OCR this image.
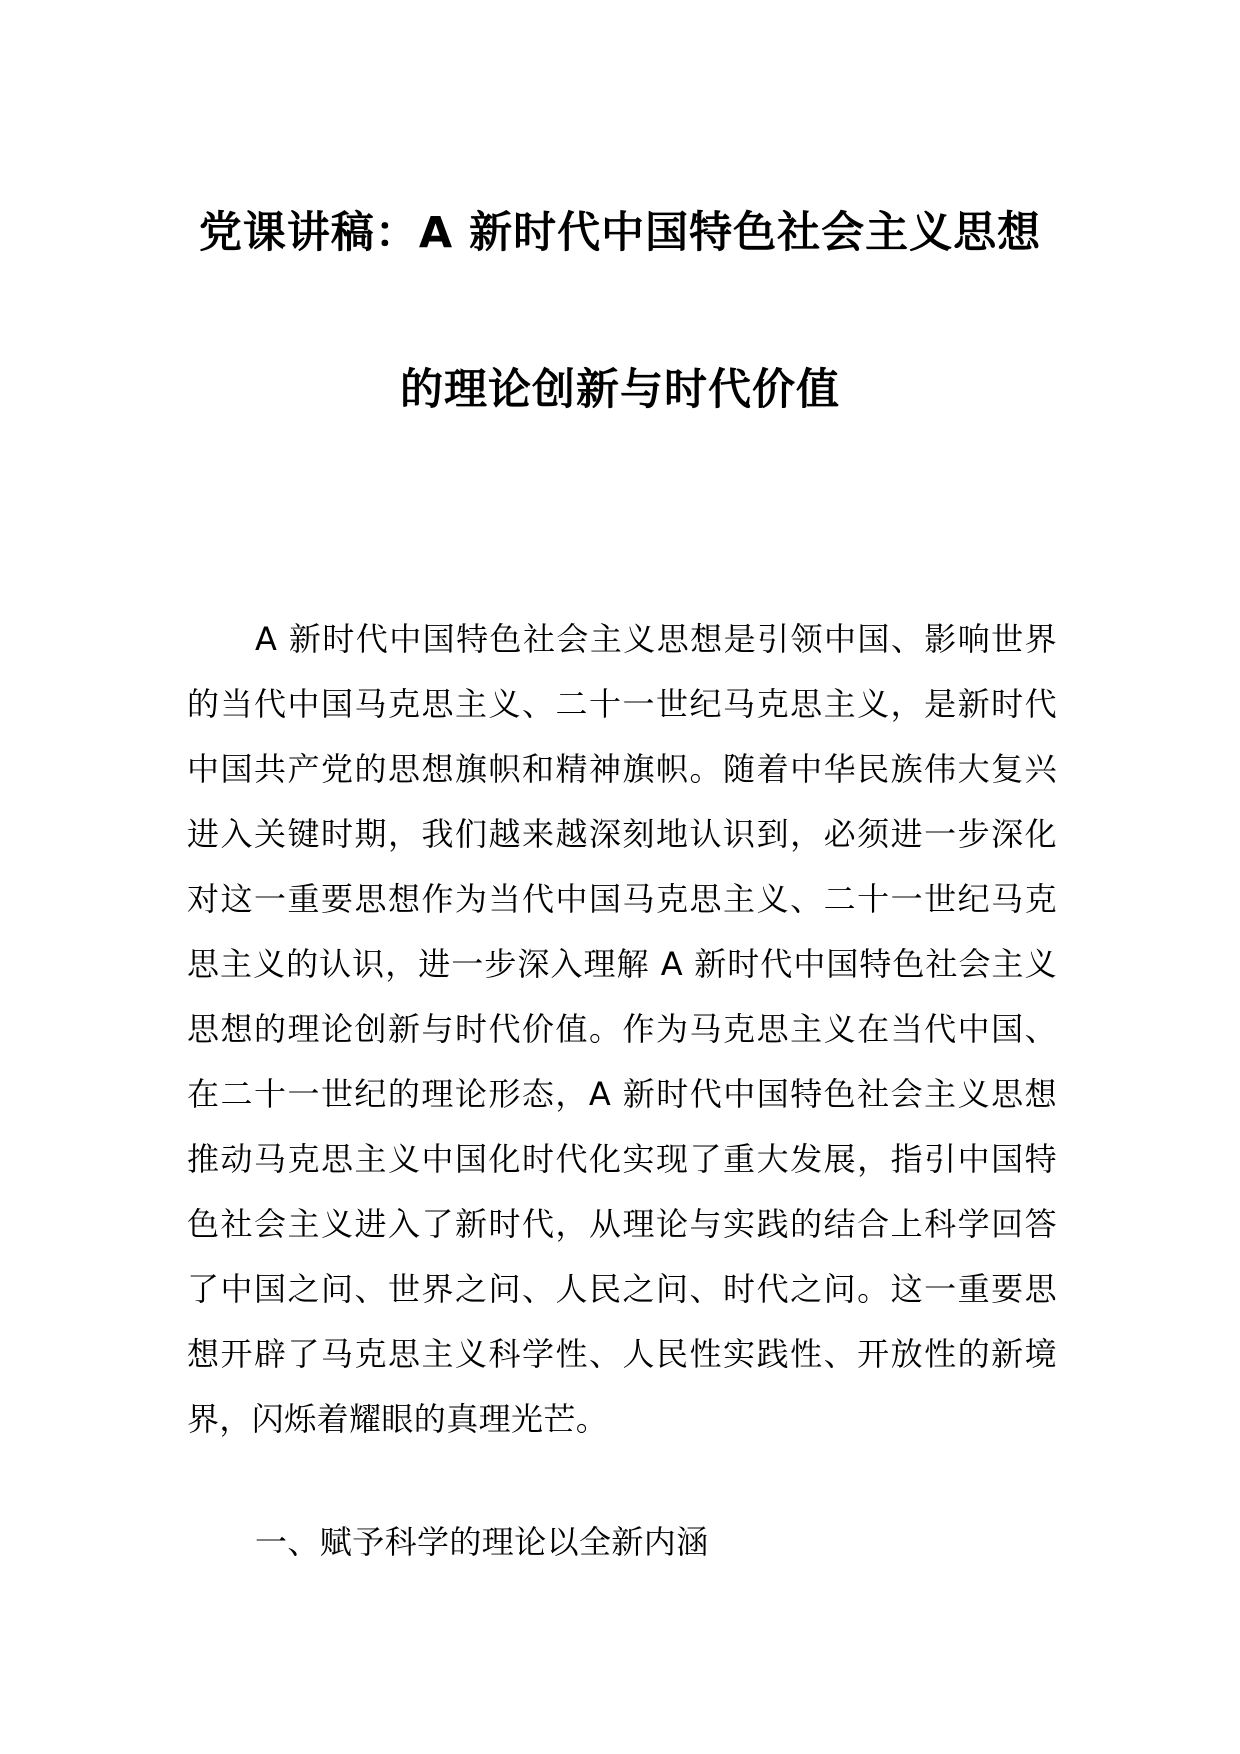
党课讲稿：A 新时代中国特色社会主义思想
的理论创新与时代价值

A 新时代中国特色社会主义思想是引领中国、影响世界的当代中国马克思主义、二十一世纪马克思主义，是新时代中国共产党的思想旗帜和精神旗帜。随着中华民族伟大复兴进入关键时期，我们越来越深刻地认识到，必须进一步深化对这一重要思想作为当代中国马克思主义、二十一世纪马克思主义的认识，进一步深入理解 A 新时代中国特色社会主义思想的理论创新与时代价值。作为马克思主义在当代中国、在二十一世纪的理论形态，A 新时代中国特色社会主义思想推动马克思主义中国化时代化实现了重大发展，指引中国特色社会主义进入了新时代，从理论与实践的结合上科学回答了中国之问、世界之问、人民之问、时代之问。这一重要思想开辟了马克思主义科学性、人民性实践性、开放性的新境界，闪烁着耀眼的真理光芒。

一、赋予科学的理论以全新内涵
